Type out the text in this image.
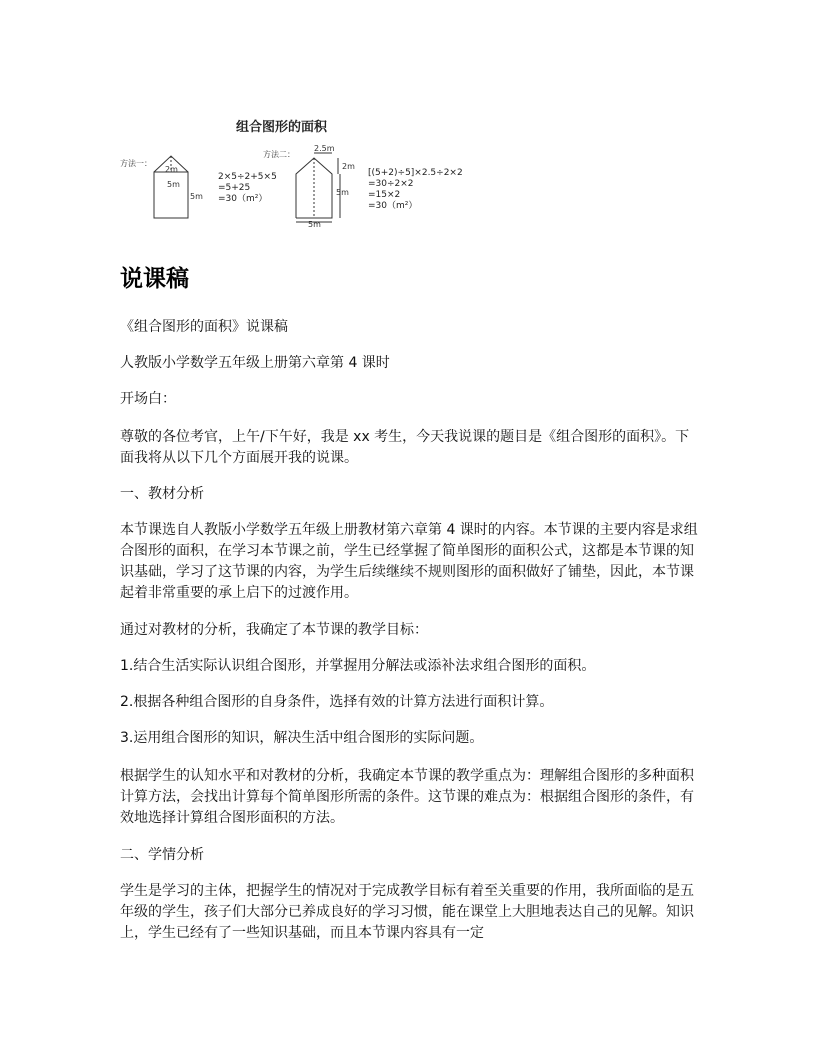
组合图形的面积
方法一：
2m
5m
5m
2×5÷2+5×5
=5+25
=30（m²）
方法二：
2.5m
2m
5m
5m
[(5+2)÷5]×2.5÷2×2
=30÷2×2
=15×2
=30（m²）
说课稿

《组合图形的面积》说课稿

人教版小学数学五年级上册第六章第 4 课时

开场白：

尊敬的各位考官，上午/下午好，我是 xx 考生，今天我说课的题目是《组合图形的面积》。下面我将从以下几个方面展开我的说课。

一、教材分析

本节课选自人教版小学数学五年级上册教材第六章第 4 课时的内容。本节课的主要内容是求组合图形的面积，在学习本节课之前，学生已经掌握了简单图形的面积公式，这都是本节课的知识基础，学习了这节课的内容，为学生后续继续不规则图形的面积做好了铺垫，因此，本节课起着非常重要的承上启下的过渡作用。

通过对教材的分析，我确定了本节课的教学目标：

1.结合生活实际认识组合图形，并掌握用分解法或添补法求组合图形的面积。

2.根据各种组合图形的自身条件，选择有效的计算方法进行面积计算。

3.运用组合图形的知识，解决生活中组合图形的实际问题。

根据学生的认知水平和对教材的分析，我确定本节课的教学重点为：理解组合图形的多种面积计算方法，会找出计算每个简单图形所需的条件。这节课的难点为：根据组合图形的条件，有效地选择计算组合图形面积的方法。

二、学情分析

学生是学习的主体，把握学生的情况对于完成教学目标有着至关重要的作用，我所面临的是五年级的学生，孩子们大部分已养成良好的学习习惯，能在课堂上大胆地表达自己的见解。知识上，学生已经有了一些知识基础，而且本节课内容具有一定
